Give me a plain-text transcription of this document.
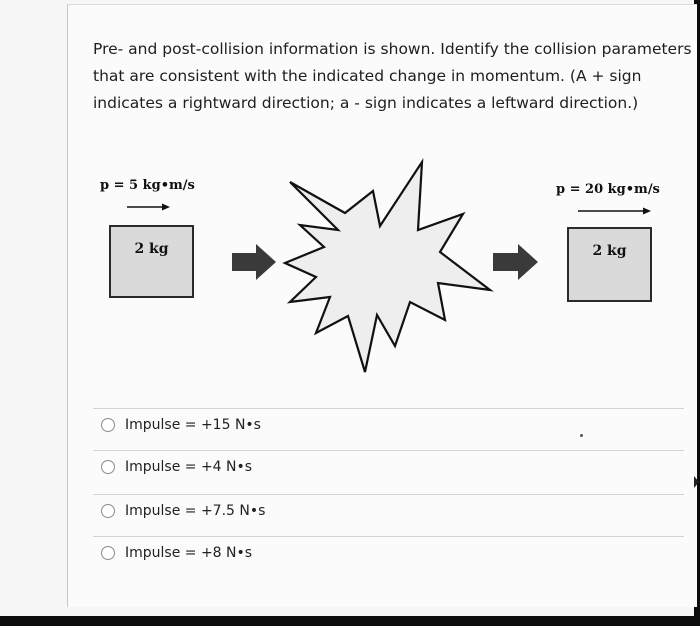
Pre- and post-collision information is shown. Identify the collision parameters that are consistent with the indicated change in momentum. (A + sign indicates a rightward direction; a - sign indicates a leftward direction.)

p = 5 kg•m/s	p = 20 kg•m/s
2 kg	2 kg
Impulse = +15 N•s
Impulse = +4 N•s
Impulse = +7.5 N•s
Impulse = +8 N•s
